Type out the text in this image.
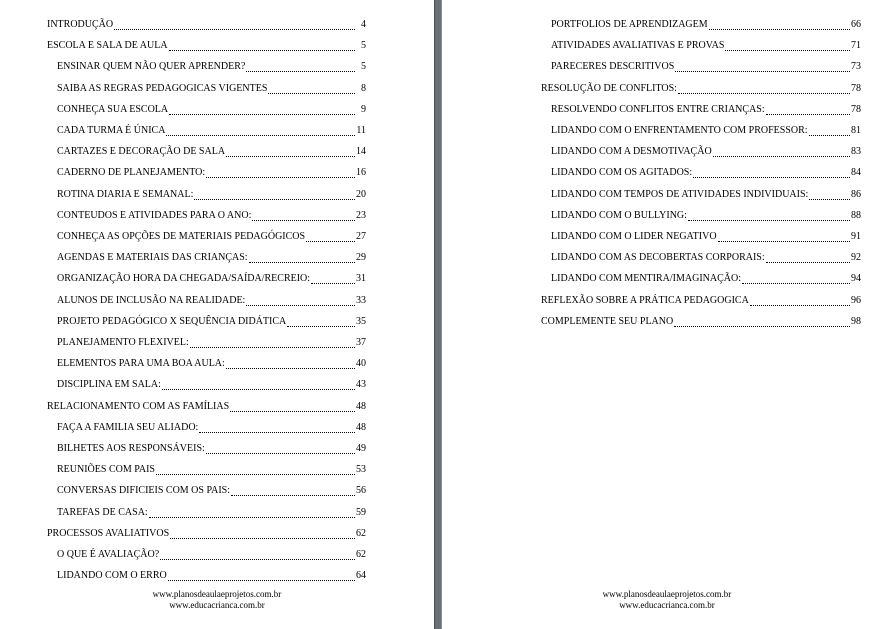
INTRODUÇÃO	4
ESCOLA E SALA DE AULA	5
ENSINAR QUEM NÃO QUER APRENDER?	5
SAIBA AS REGRAS PEDAGOGICAS VIGENTES	8
CONHEÇA SUA ESCOLA	9
CADA TURMA É ÚNICA	11
CARTAZES E DECORAÇÃO DE SALA	14
CADERNO DE PLANEJAMENTO:	16
ROTINA DIARIA E SEMANAL:	20
CONTEUDOS E ATIVIDADES PARA O ANO:	23
CONHEÇA AS OPÇÕES DE MATERIAIS PEDAGÓGICOS	27
AGENDAS E MATERIAIS DAS CRIANÇAS:	29
ORGANIZAÇÃO HORA DA CHEGADA/SAÍDA/RECREIO:	31
ALUNOS DE INCLUSÃO NA REALIDADE:	33
PROJETO PEDAGÓGICO X SEQUÊNCIA DIDÁTICA	35
PLANEJAMENTO FLEXIVEL:	37
ELEMENTOS PARA UMA BOA AULA:	40
DISCIPLINA EM SALA:	43
RELACIONAMENTO COM AS FAMÍLIAS	48
FAÇA A FAMILIA SEU ALIADO:	48
BILHETES AOS RESPONSÁVEIS:	49
REUNIÕES COM PAIS	53
CONVERSAS DIFICIEIS COM OS PAIS:	56
TAREFAS DE CASA:	59
PROCESSOS AVALIATIVOS	62
O QUE É AVALIAÇÃO?	62
LIDANDO COM O ERRO	64
www.planosdeaulaeprojetos.com.br
www.educacrianca.com.br
PORTFOLIOS DE APRENDIZAGEM	66
ATIVIDADES AVALIATIVAS E PROVAS	71
PARECERES DESCRITIVOS	73
RESOLUÇÃO DE CONFLITOS:	78
RESOLVENDO CONFLITOS ENTRE CRIANÇAS:	78
LIDANDO COM O ENFRENTAMENTO COM PROFESSOR:	81
LIDANDO COM A DESMOTIVAÇÃO	83
LIDANDO COM OS AGITADOS:	84
LIDANDO COM TEMPOS DE ATIVIDADES INDIVIDUAIS:	86
LIDANDO COM O BULLYING:	88
LIDANDO COM O LIDER NEGATIVO	91
LIDANDO COM AS DECOBERTAS CORPORAIS:	92
LIDANDO COM MENTIRA/IMAGINAÇÃO:	94
REFLEXÃO SOBRE A PRÁTICA PEDAGOGICA	96
COMPLEMENTE SEU PLANO	98
www.planosdeaulaeprojetos.com.br
www.educacrianca.com.br
